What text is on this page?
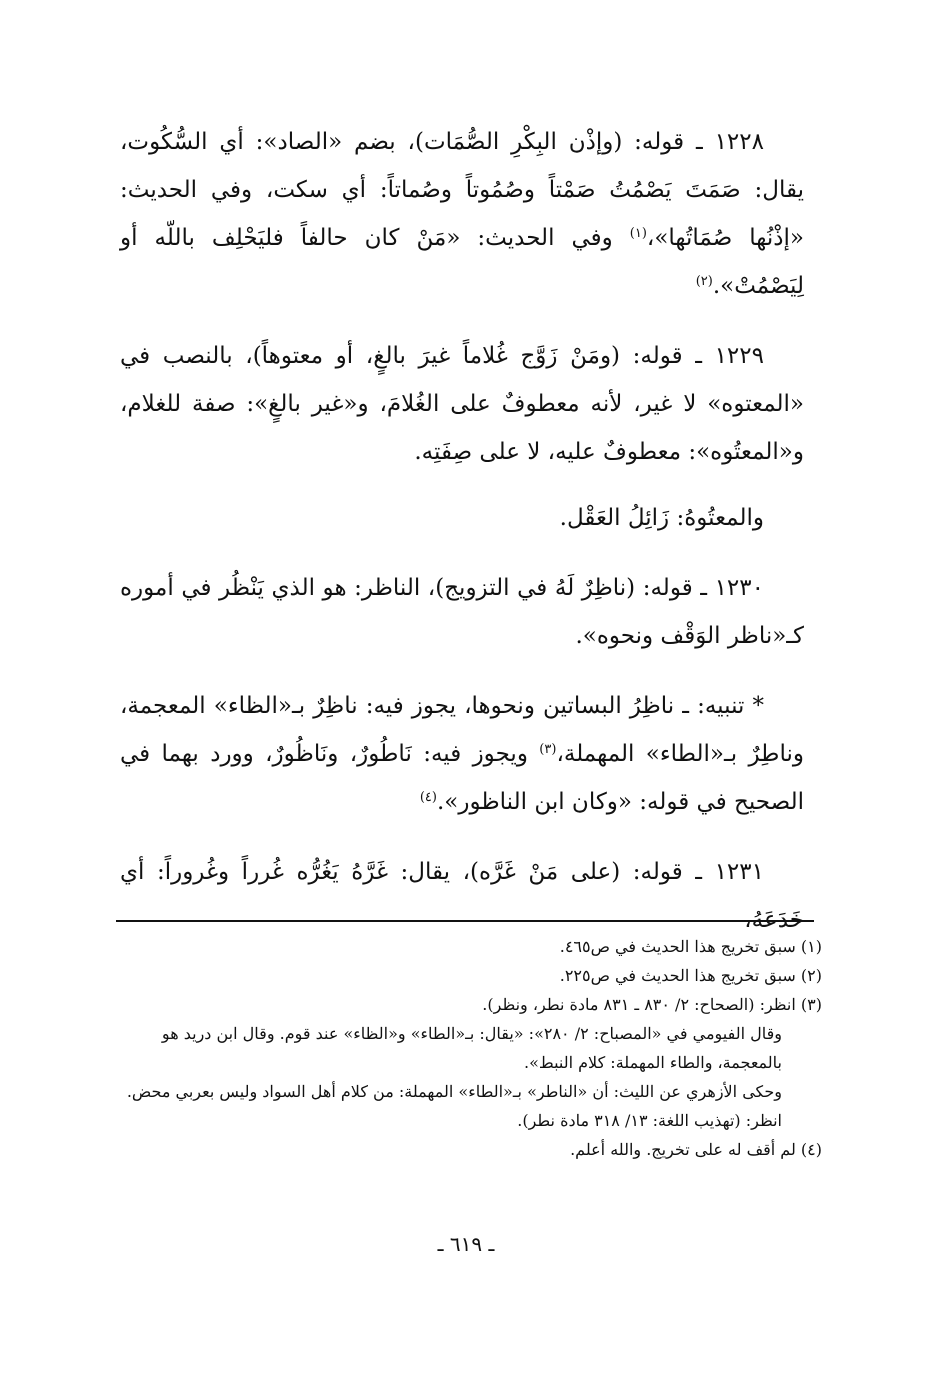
١٢٢٨ ـ قوله: (وإذْن البِكْرِ الصُّمَات)، بضم «الصاد»: أي السُّكُوت، يقال: صَمَتَ يَصْمُتُ صَمْتاً وصُمُوتاً وصُماتاً: أي سكت، وفي الحديث: «إذْنُها صُمَاتُها»،$^{(١)}$ وفي الحديث: «مَنْ كان حالفاً فليَحْلِف باللّه أو لِيَصْمُتْ».$^{(٢)}$

١٢٢٩ ـ قوله: (ومَنْ زَوَّج غُلاماً غيرَ بالغٍ، أو معتوهاً)، بالنصب في «المعتوه» لا غير، لأنه معطوفٌ على الغُلامَ، و«غير بالغٍ»: صفة للغلام، و«المعتُوه»: معطوفٌ عليه، لا على صِفَتِه.

والمعتُوهُ: زَائِلُ العَقْل.

١٢٣٠ ـ قوله: (ناظِرٌ لَهُ في التزويج)، الناظر: هو الذي يَنْظُر في أموره كـ«ناظر الوَقْف ونحوه».

* تنبيه: ـ ناظِرُ البساتين ونحوها، يجوز فيه: ناظِرٌ بـ«الظاء» المعجمة، وناطِرٌ بـ«الطاء» المهملة،$^{(٣)}$ ويجوز فيه: نَاطُورٌ، ونَاظُورٌ، وورد بهما في الصحيح في قوله: «وكان ابن الناظور».$^{(٤)}$

١٢٣١ ـ قوله: (على مَنْ غَرَّه)، يقال: غَرَّهُ يَغُرُّه غُرراً وغُروراً: أي خَدَعَهُ،

(١) سبق تخريج هذا الحديث في ص٤٦٥.

(٢) سبق تخريج هذا الحديث في ص٢٢٥.

(٣) انظر: (الصحاح: ٢/ ٨٣٠ ـ ٨٣١ مادة نطر، ونظر).

وقال الفيومي في «المصباح: ٢/ ٢٨٠»: «يقال: بـ«الطاء» و«الظاء» عند قوم. وقال ابن دريد هو بالمعجمة، والطاء المهملة: كلام النبط».

وحكى الأزهري عن الليث: أن «الناطر» بـ«الطاء» المهملة: من كلام أهل السواد وليس بعربي محض. انظر: (تهذيب اللغة: ١٣/ ٣١٨ مادة نطر).

(٤) لم أقف له على تخريج. والله أعلم.

ـ ٦١٩ ـ
